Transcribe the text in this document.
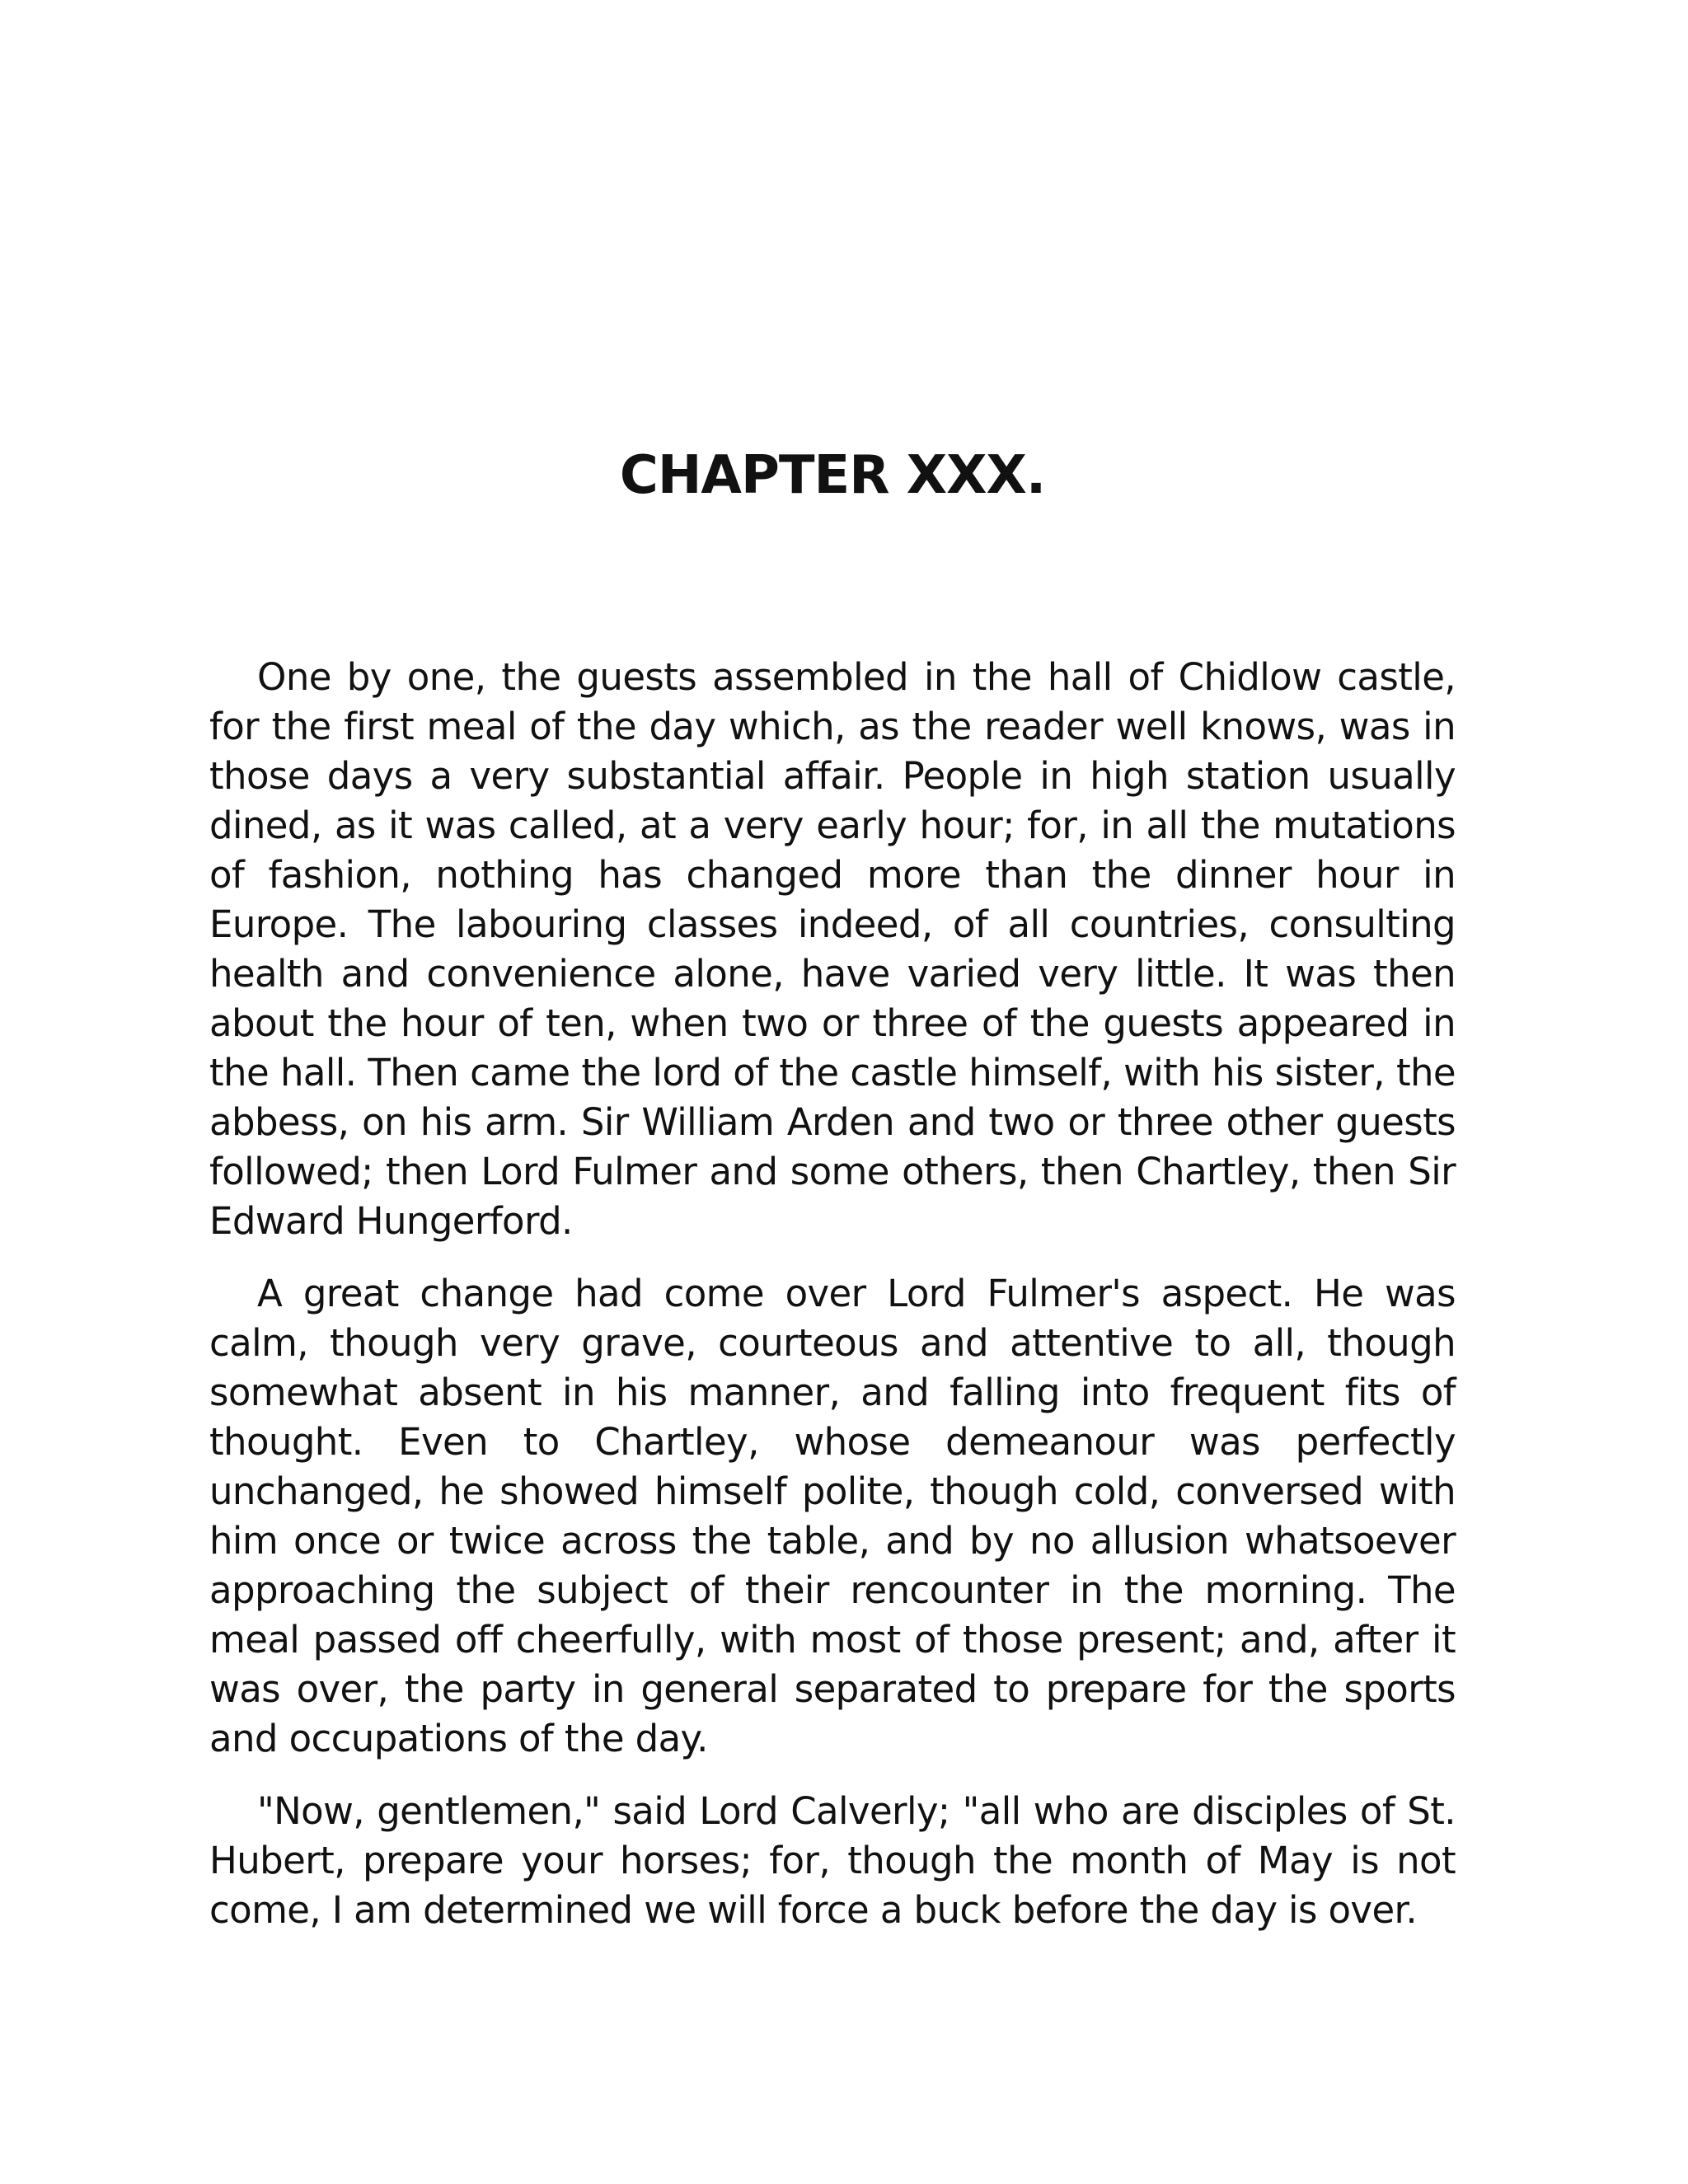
CHAPTER XXX.

One by one, the guests assembled in the hall of Chidlow castle, for the first meal of the day which, as the reader well knows, was in those days a very substantial affair. People in high station usually dined, as it was called, at a very early hour; for, in all the mutations of fashion, nothing has changed more than the dinner hour in Europe. The labouring classes indeed, of all countries, consulting health and convenience alone, have varied very little. It was then about the hour of ten, when two or three of the guests appeared in the hall. Then came the lord of the castle himself, with his sister, the abbess, on his arm. Sir William Arden and two or three other guests followed; then Lord Fulmer and some others, then Chartley, then Sir Edward Hungerford.

A great change had come over Lord Fulmer's aspect. He was calm, though very grave, courteous and attentive to all, though somewhat absent in his manner, and falling into frequent fits of thought. Even to Chartley, whose demeanour was perfectly unchanged, he showed himself polite, though cold, conversed with him once or twice across the table, and by no allusion whatsoever approaching the subject of their rencounter in the morning. The meal passed off cheerfully, with most of those present; and, after it was over, the party in general separated to prepare for the sports and occupations of the day.

"Now, gentlemen," said Lord Calverly; "all who are disciples of St. Hubert, prepare your horses; for, though the month of May is not come, I am determined we will force a buck before the day is over.
